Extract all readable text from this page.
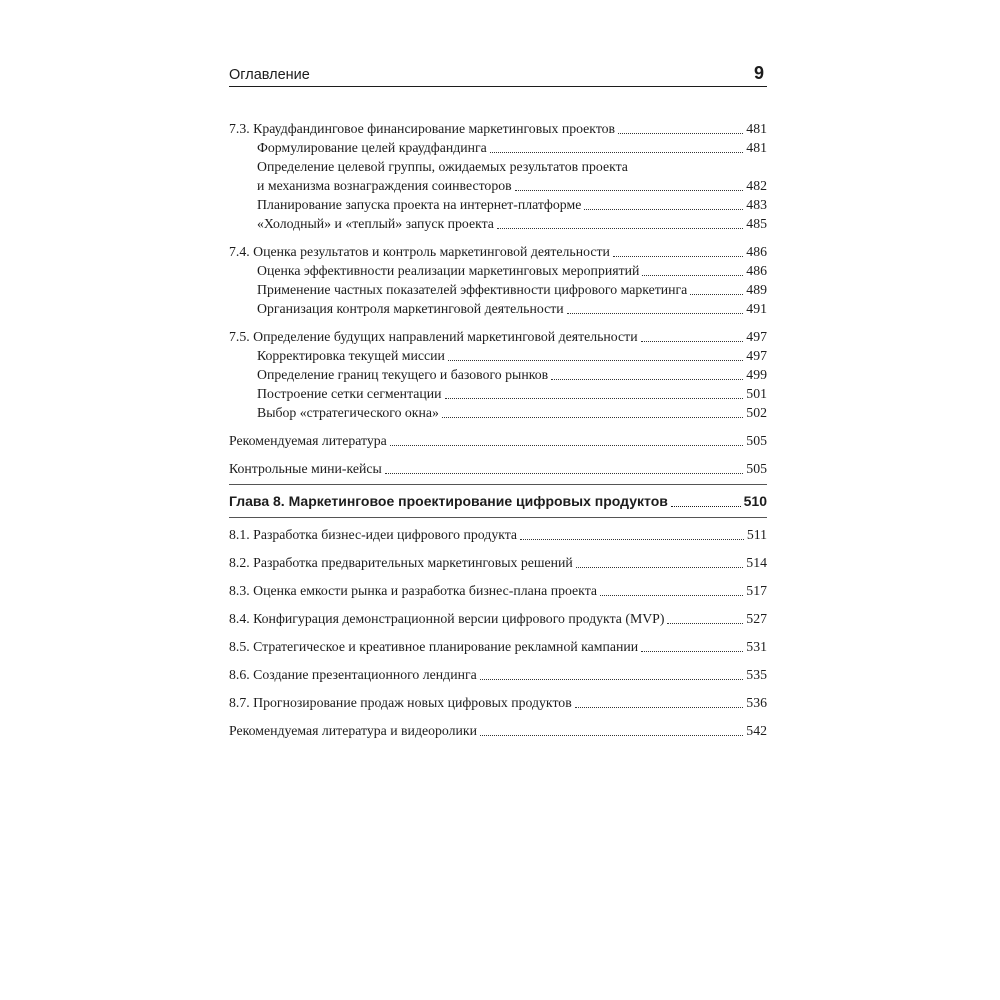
Оглавление	9
7.3. Краудфандинговое финансирование маркетинговых проектов	481
Формулирование целей краудфандинга	481
Определение целевой группы, ожидаемых результатов проекта
и механизма вознаграждения соинвесторов	482
Планирование запуска проекта на интернет-платформе	483
«Холодный» и «теплый» запуск проекта	485
7.4. Оценка результатов и контроль маркетинговой деятельности	486
Оценка эффективности реализации маркетинговых мероприятий	486
Применение частных показателей эффективности цифрового маркетинга	489
Организация контроля маркетинговой деятельности	491
7.5. Определение будущих направлений маркетинговой деятельности	497
Корректировка текущей миссии	497
Определение границ текущего и базового рынков	499
Построение сетки сегментации	501
Выбор «стратегического окна»	502
Рекомендуемая литература	505
Контрольные мини-кейсы	505
Глава 8. Маркетинговое проектирование цифровых продуктов	510
8.1. Разработка бизнес-идеи цифрового продукта	511
8.2. Разработка предварительных маркетинговых решений	514
8.3. Оценка емкости рынка и разработка бизнес-плана проекта	517
8.4. Конфигурация демонстрационной версии цифрового продукта (MVP)	527
8.5. Стратегическое и креативное планирование рекламной кампании	531
8.6. Создание презентационного лендинга	535
8.7. Прогнозирование продаж новых цифровых продуктов	536
Рекомендуемая литература и видеоролики	542
